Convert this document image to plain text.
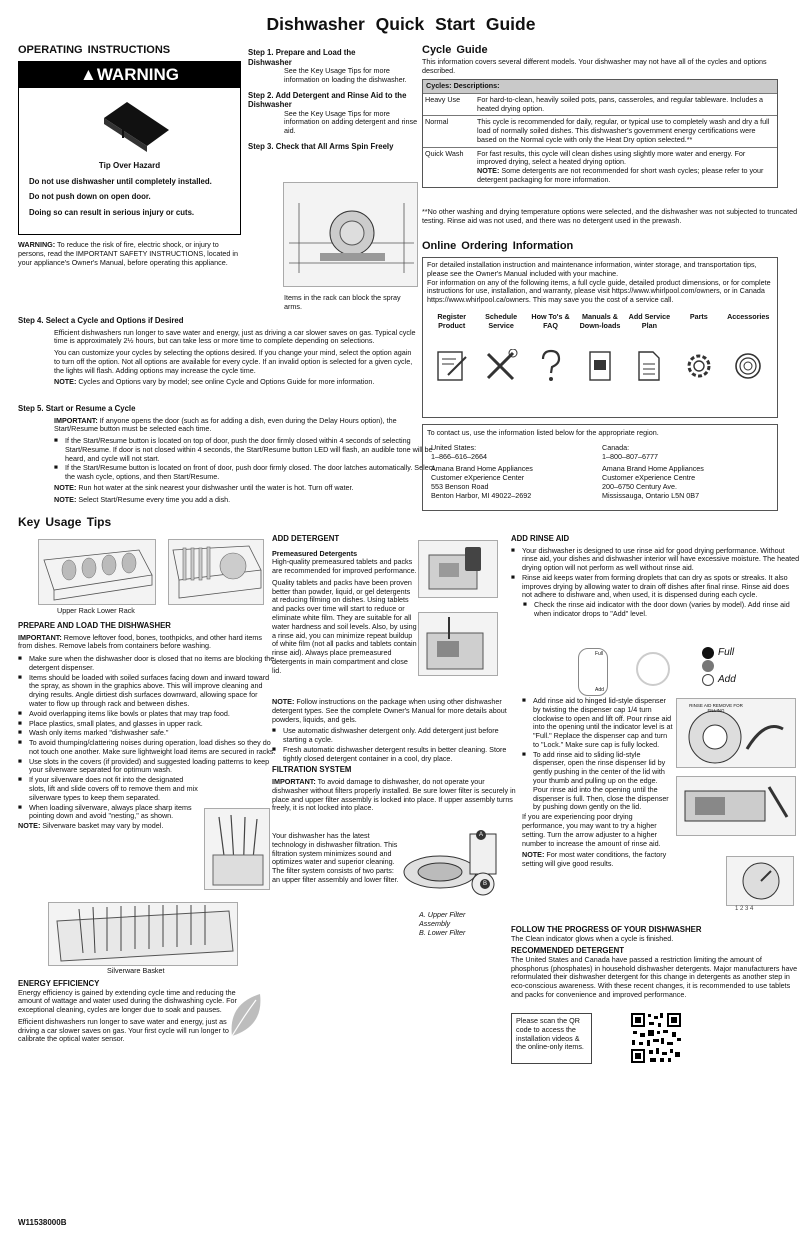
Dishwasher Quick Start Guide
OPERATING INSTRUCTIONS
▲WARNING
Tip Over Hazard
Do not use dishwasher until completely installed.
Do not push down on open door.
Doing so can result in serious injury or cuts.
WARNING: To reduce the risk of fire, electric shock, or injury to persons, read the IMPORTANT SAFETY INSTRUCTIONS, located in your appliance's Owner's Manual, before operating this appliance.
Step 1. Prepare and Load the Dishwasher

See the Key Usage Tips for more information on loading the dishwasher.

Step 2. Add Detergent and Rinse Aid to the Dishwasher

See the Key Usage Tips for more information on adding detergent and rinse aid.

Step 3. Check that All Arms Spin Freely
Items in the rack can block the spray arms.
Step 4. Select a Cycle and Options if Desired

Efficient dishwashers run longer to save water and energy, just as driving a car slower saves on gas. Typical cycle time is approximately 2½ hours, but can take less or more time to complete depending on selections.

You can customize your cycles by selecting the options desired. If you change your mind, select the option again to turn off the option. Not all options are available for every cycle. If an invalid option is selected for a given cycle, the lights will flash. Adding options may increase the cycle time.

NOTE: Cycles and Options vary by model; see online Cycle and Options Guide for more information.

Step 5. Start or Resume a Cycle

IMPORTANT: If anyone opens the door (such as for adding a dish, even during the Delay Hours option), the Start/Resume button must be selected each time.

■ If the Start/Resume button is located on top of door, push the door firmly closed within 4 seconds of selecting Start/Resume. If door is not closed within 4 seconds, the Start/Resume button LED will flash, an audible tone will be heard, and cycle will not start.
■ If the Start/Resume button is located on front of door, push door firmly closed. The door latches automatically. Select the wash cycle, options, and then Start/Resume.

NOTE: Run hot water at the sink nearest your dishwasher until the water is hot. Turn off water.

NOTE: Select Start/Resume every time you add a dish.

Cycle Guide
This information covers several different models. Your dishwasher may not have all of the cycles and options described.
Cycles: Descriptions:
Heavy Use	For hard-to-clean, heavily soiled pots, pans, casseroles, and regular tableware. Includes a heated drying option.
Normal	This cycle is recommended for daily, regular, or typical use to completely wash and dry a full load of normally soiled dishes. This dishwasher's government energy certifications were based on the Normal cycle with only the Heat Dry option selected.**
Quick Wash	For fast results, this cycle will clean dishes using slightly more water and energy. For improved drying, select a heated drying option.
NOTE: Some detergents are not recommended for short wash cycles; please refer to your detergent packaging for more information.
**No other washing and drying temperature options were selected, and the dishwasher was not subjected to truncated testing. Rinse aid was not used, and there was no detergent used in the prewash.
Online Ordering Information

For detailed installation instruction and maintenance information, winter storage, and transportation tips, please see the Owner's Manual included with your machine.

For information on any of the following items, a full cycle guide, detailed product dimensions, or for complete instructions for use, installation, and warranty, please visit https://www.whirlpool.com/owners, or in Canada https://www.whirlpool.ca/owners. This may save you the cost of a service call.

Register Product
Schedule Service
How To's & FAQ
Manuals & Down-loads
Add Service Plan
Parts	Accessories

To contact us, use the information listed below for the appropriate region.

United States:
1–866–616–2664
Amana Brand Home Appliances
Customer eXperience Center
553 Benson Road
Benton Harbor, MI 49022–2692
Canada:
1–800–807–6777
Amana Brand Home Appliances
Customer eXperience Centre
200–6750 Century Ave.
Mississauga, Ontario L5N 0B7
Key Usage Tips
Upper Rack Lower Rack
PREPARE AND LOAD THE DISHWASHER

IMPORTANT: Remove leftover food, bones, toothpicks, and other hard items from dishes. Remove labels from containers before washing.

■ Make sure when the dishwasher door is closed that no items are blocking the detergent dispenser.
■ Items should be loaded with soiled surfaces facing down and inward toward the spray, as shown in the graphics above. This will improve cleaning and drying results. Angle dirtiest dish surfaces downward, allowing space for water to flow up through rack and between dishes.
■ Avoid overlapping items like bowls or plates that may trap food.
■ Place plastics, small plates, and glasses in upper rack.
■ Wash only items marked "dishwasher safe."
■ To avoid thumping/clattering noises during operation, load dishes so they do not touch one another. Make sure lightweight load items are secured in racks.
■ Use slots in the covers (if provided) and suggested loading patterns to keep your silverware separated for optimum wash.
■ If your silverware does not fit into the designated slots, lift and slide covers off to remove them and mix silverware types to keep them separated.
■ When loading silverware, always place sharp items pointing down and avoid "nesting," as shown.

NOTE: Silverware basket may vary by model.

Silverware Basket
ENERGY EFFICIENCY

Energy efficiency is gained by extending cycle time and reducing the amount of wattage and water used during the dishwashing cycle. For exceptional cleaning, cycles are longer due to soak and pauses.

Efficient dishwashers run longer to save water and energy, just as driving a car slower saves on gas. Your first cycle will run longer to calibrate the optical water sensor.

W11538000B
ADD DETERGENT
Premeasured Detergents

High-quality premeasured tablets and packs are recommended for improved performance.

Quality tablets and packs have been proven better than powder, liquid, or gel detergents at reducing filming on dishes. Using tablets and packs over time will start to reduce or eliminate white film. They are suitable for all water hardness and soil levels. Also, by using a rinse aid, you can minimize repeat buildup of white film (not all packs and tablets contain rinse aid). Always place premeasured detergents in main compartment and close lid.

NOTE: Follow instructions on the package when using other dishwasher detergent types. See the complete Owner's Manual for more details about powders, liquids, and gels.

■ Use automatic dishwasher detergent only. Add detergent just before starting a cycle.
■ Fresh automatic dishwasher detergent results in better cleaning. Store tightly closed detergent container in a cool, dry place.
FILTRATION SYSTEM

IMPORTANT: To avoid damage to dishwasher, do not operate your dishwasher without filters properly installed. Be sure lower filter is securely in place and upper filter assembly is locked into place. If upper assembly turns freely, it is not locked into place.

Your dishwasher has the latest technology in dishwasher filtration. This filtration system minimizes sound and optimizes water and superior cleaning. The filter system consists of two parts: an upper filter assembly and lower filter.
A
B
A. Upper Filter Assembly
B. Lower Filter
ADD RINSE AID
■ Your dishwasher is designed to use rinse aid for good drying performance. Without rinse aid, your dishes and dishwasher interior will have excessive moisture. The heated drying option will not perform as well without rinse aid.
■ Rinse aid keeps water from forming droplets that can dry as spots or streaks. It also improves drying by allowing water to drain off dishes after final rinse. Rinse aid does not adhere to dishware and, when used, it is dispensed during each cycle.
■ Check the rinse aid indicator with the door down (varies by model). Add rinse aid when indicator drops to "Add" level.
Full
Add
Full
Add
■ Add rinse aid to hinged lid-style dispenser by twisting the dispenser cap 1/4 turn clockwise to open and lift off. Pour rinse aid into the opening until the indicator level is at "Full." Replace the dispenser cap and turn to "Lock." Make sure cap is fully locked.
■ To add rinse aid to sliding lid-style dispenser, open the rinse dispenser lid by gently pushing in the center of the lid with your thumb and pulling up on the edge. Pour rinse aid into the opening until the dispenser is full. Then, close the dispenser by pushing down gently on the lid.

If you are experiencing poor drying performance, you may want to try a higher setting. Turn the arrow adjuster to a higher number to increase the amount of rinse aid.

NOTE: For most water conditions, the factory setting will give good results.

RINSE AID REMOVE FOR FILLING
1 2 3 4
FOLLOW THE PROGRESS OF YOUR DISHWASHER

The Clean indicator glows when a cycle is finished.

RECOMMENDED DETERGENT

The United States and Canada have passed a restriction limiting the amount of phosphorus (phosphates) in household dishwasher detergents. Major manufacturers have reformulated their dishwasher detergent for this change in detergents as another step in eco-conscious awareness. With these recent changes, it is recommended to use tablets and packs for convenience and improved performance.

Please scan the QR code to access the installation videos & the online-only items.
